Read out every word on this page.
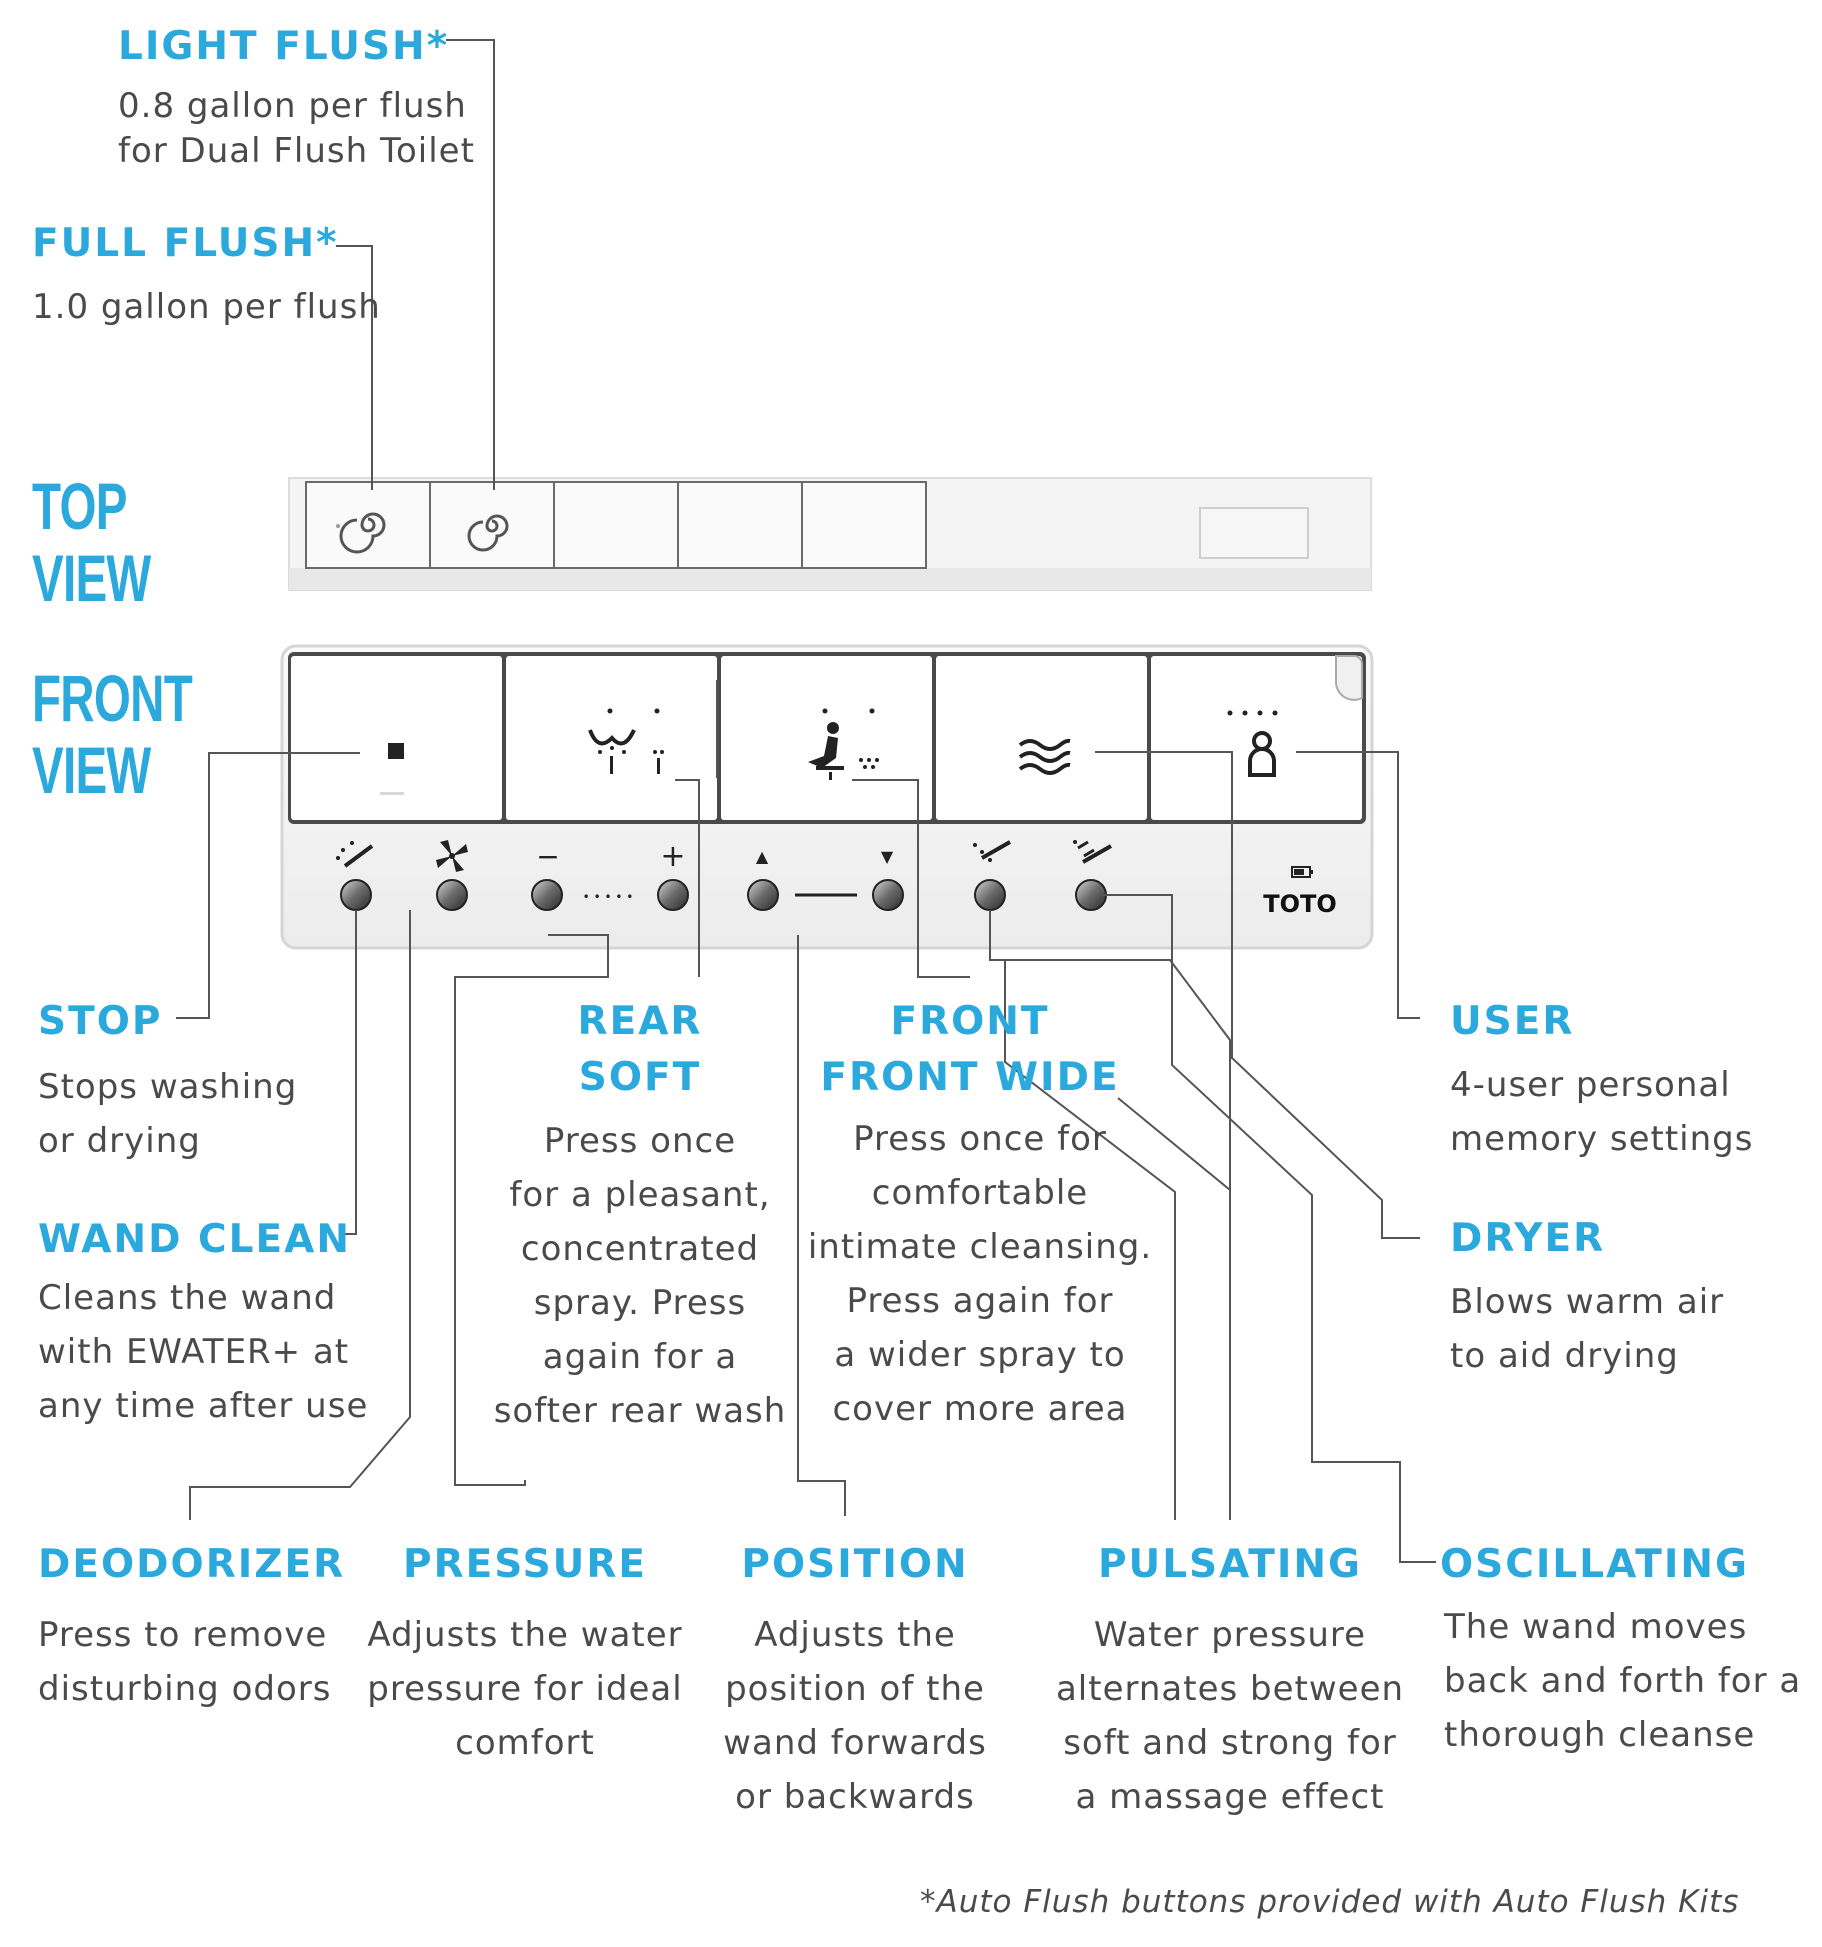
−	+	▲	▼
TOTO
• • • • •
TOP
VIEW
FRONT
VIEW
LIGHT FLUSH*
0.8 gallon per flush
for Dual Flush Toilet
FULL FLUSH*
1.0 gallon per flush
STOP
Stops washing
or drying
WAND CLEAN
Cleans the wand
with EWATER+ at
any time after use
REAR
SOFT
Press once
for a pleasant,
concentrated
spray. Press
again for a
softer rear wash
FRONT
FRONT WIDE
Press once for
comfortable
intimate cleansing.
Press again for
a wider spray to
cover more area
USER
4-user personal
memory settings
DRYER
Blows warm air
to aid drying
DEODORIZER
Press to remove
disturbing odors
PRESSURE
Adjusts the water
pressure for ideal
comfort
POSITION
Adjusts the
position of the
wand forwards
or backwards
PULSATING
Water pressure
alternates between
soft and strong for
a massage effect
OSCILLATING
The wand moves
back and forth for a
thorough cleanse
*Auto Flush buttons provided with Auto Flush Kits
